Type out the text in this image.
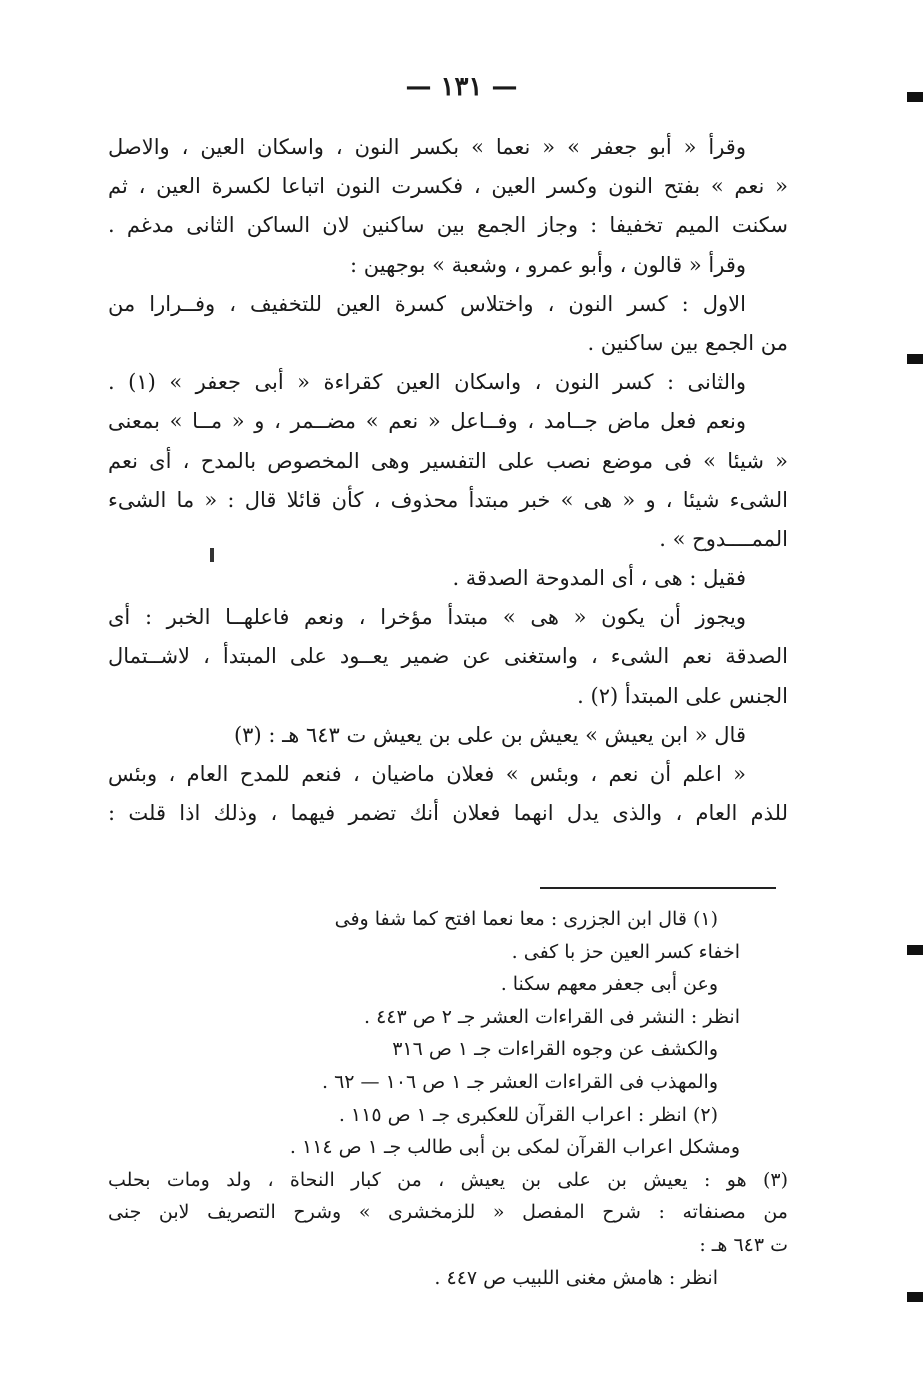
— ١٣١ —
وقرأ « أبو جعفر » « نعما » بكسر النون ، واسكان العين ، والاصل
« نعم » بفتح النون وكسر العين ، فكسرت النون اتباعا لكسرة العين ، ثم
سكنت الميم تخفيفا : وجاز الجمع بين ساكنين لان الساكن الثانى مدغم .
وقرأ « قالون ، وأبو عمرو ، وشعبة » بوجهين :
الاول : كسر النون ، واختلاس كسرة العين للتخفيف ، وفــرارا من
من الجمع بين ساكنين .
والثانى : كسر النون ، واسكان العين كقراءة « أبى جعفر » (١) .
ونعم فعل ماض جــامد ، وفــاعل « نعم » مضــمر ، و « مــا » بمعنى
« شيئا » فى موضع نصب على التفسير وهى المخصوص بالمدح ، أى نعم
الشىء شيئا ، و « هى » خبر مبتدأ محذوف ، كأن قائلا قال : « ما الشىء
الممــــدوح » .
فقيل : هى ، أى المدوحة الصدقة .
ويجوز أن يكون « هى » مبتدأ مؤخرا ، ونعم فاعلهــا الخبر : أى
الصدقة نعم الشىء ، واستغنى عن ضمير يعــود على المبتدأ ، لاشــتمال
الجنس على المبتدأ (٢) .
قال « ابن يعيش » يعيش بن على بن يعيش ت ٦٤٣ هـ : (٣)
« اعلم أن نعم ، وبئس » فعلان ماضيان ، فنعم للمدح العام ، وبئس
للذم العام ، والذى يدل انهما فعلان أنك تضمر فيهما ، وذلك اذا قلت :
(١) قال ابن الجزرى : معا نعما افتح كما شفا وفى
اخفاء كسر العين حز با كفى .
وعن أبى جعفر معهم سكنا .
انظر : النشر فى القراءات العشر جـ ٢ ص ٤٤٣ .
والكشف عن وجوه القراءات جـ ١ ص ٣١٦
والمهذب فى القراءات العشر جـ ١ ص ١٠٦ — ٦٢ .
(٢) انظر : اعراب القرآن للعكبرى جـ ١ ص ١١٥ .
ومشكل اعراب القرآن لمكى بن أبى طالب جـ ١ ص ١١٤ .
(٣) هو : يعيش بن على بن يعيش ، من كبار النحاة ، ولد ومات بحلب
من مصنفاته : شرح المفصل « للزمخشرى » وشرح التصريف لابن جنى
ت ٦٤٣ هـ :
انظر : هامش مغنى اللبيب ص ٤٤٧ .
